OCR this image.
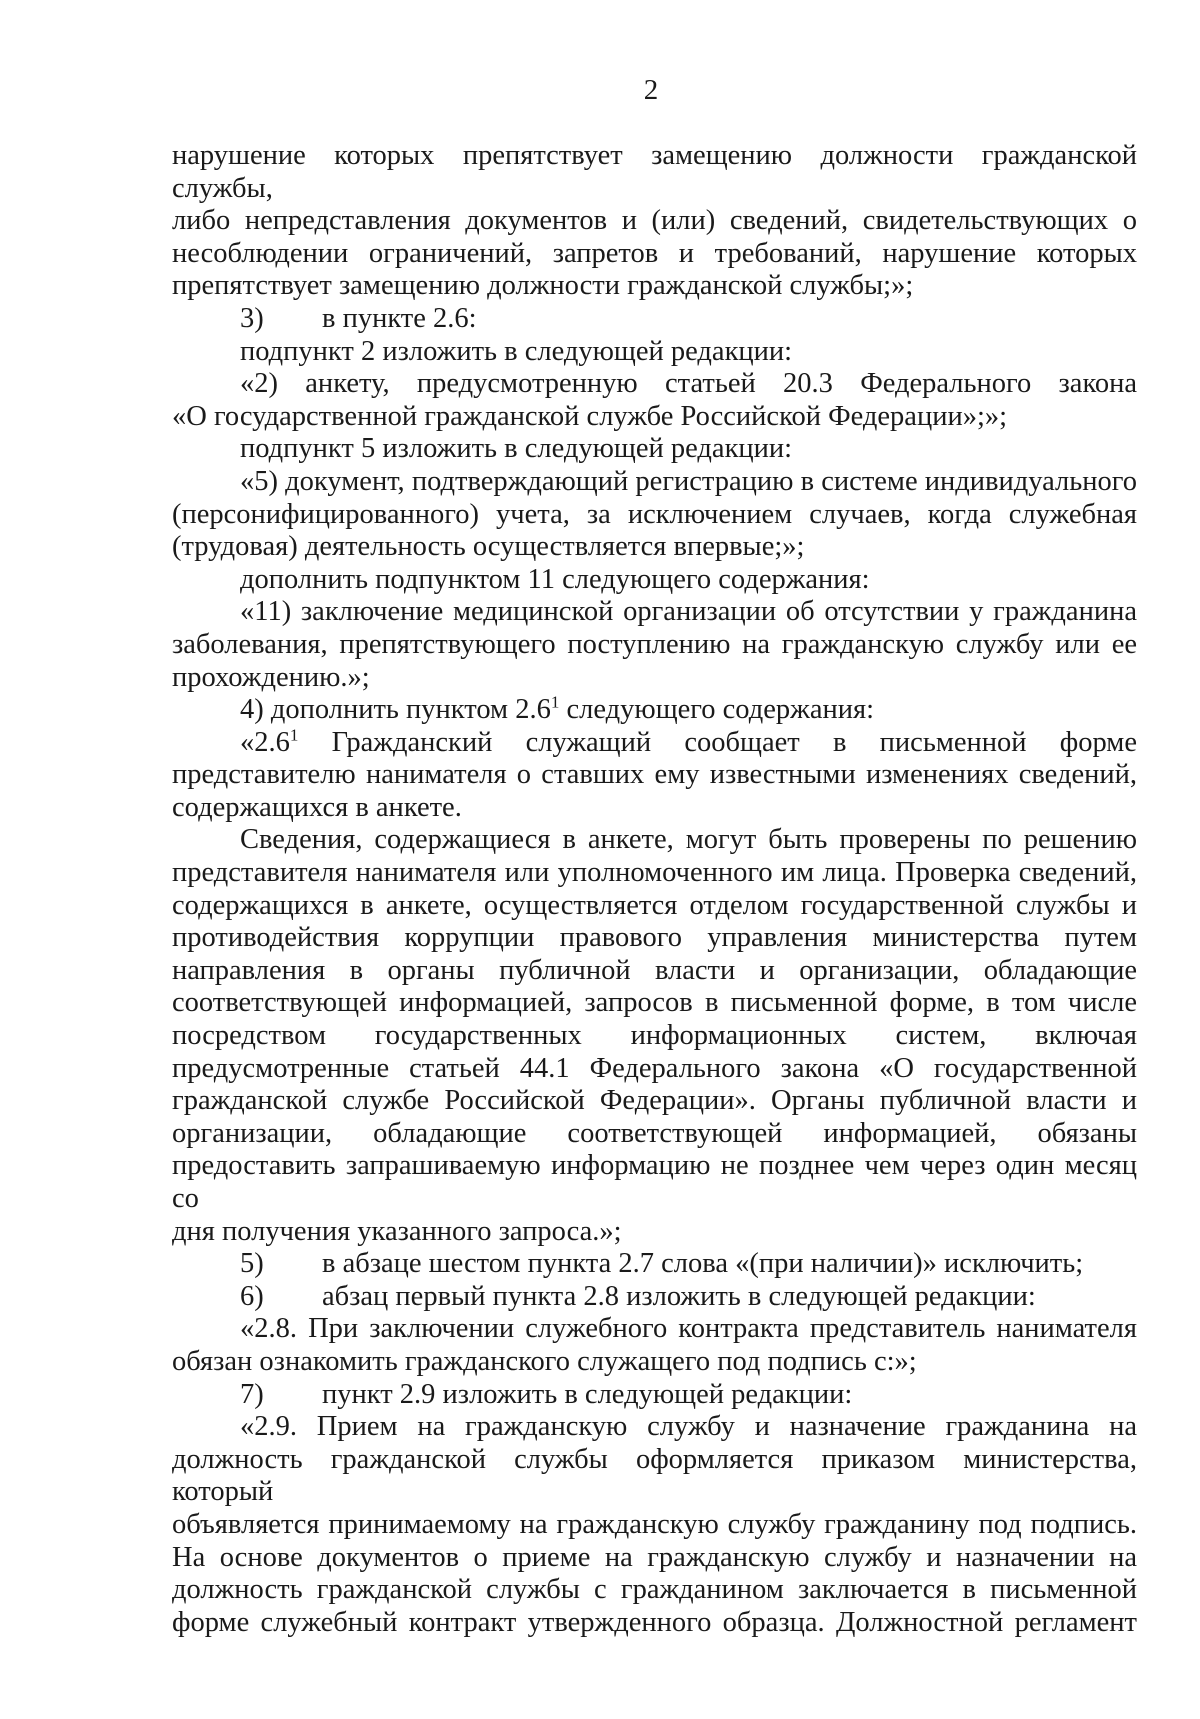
2

нарушение которых препятствует замещению должности гражданской службы,

либо непредставления документов и (или) сведений, свидетельствующих о

несоблюдении ограничений, запретов и требований, нарушение которых

препятствует замещению должности гражданской службы;»;

3)	в пункте 2.6:

подпункт 2 изложить в следующей редакции:

«2) анкету, предусмотренную статьей 20.3 Федерального закона

«О государственной гражданской службе Российской Федерации»;»;

подпункт 5 изложить в следующей редакции:

«5) документ, подтверждающий регистрацию в системе индивидуального

(персонифицированного) учета, за исключением случаев, когда служебная

(трудовая) деятельность осуществляется впервые;»;

дополнить подпунктом 11 следующего содержания:

«11) заключение медицинской организации об отсутствии у гражданина

заболевания, препятствующего поступлению на гражданскую службу или ее

прохождению.»;

4) дополнить пунктом $2.6^1$ следующего содержания:

«$2.6^1$ Гражданский служащий сообщает в письменной форме

представителю нанимателя о ставших ему известными изменениях сведений,

содержащихся в анкете.

Сведения, содержащиеся в анкете, могут быть проверены по решению

представителя нанимателя или уполномоченного им лица. Проверка сведений,

содержащихся в анкете, осуществляется отделом государственной службы и

противодействия коррупции правового управления министерства путем

направления в органы публичной власти и организации, обладающие

соответствующей информацией, запросов в письменной форме, в том числе

посредством государственных информационных систем, включая

предусмотренные статьей 44.1 Федерального закона «О государственной

гражданской службе Российской Федерации». Органы публичной власти и

организации, обладающие соответствующей информацией, обязаны

предоставить запрашиваемую информацию не позднее чем через один месяц со

дня получения указанного запроса.»;

5)	в абзаце шестом пункта 2.7 слова «(при наличии)» исключить;
6)	абзац первый пункта 2.8 изложить в следующей редакции:

«2.8. При заключении служебного контракта представитель нанимателя

обязан ознакомить гражданского служащего под подпись с:»;

7)	пункт 2.9 изложить в следующей редакции:

«2.9. Прием на гражданскую службу и назначение гражданина на

должность гражданской службы оформляется приказом министерства, который

объявляется принимаемому на гражданскую службу гражданину под подпись.

На основе документов о приеме на гражданскую службу и назначении на

должность гражданской службы с гражданином заключается в письменной

форме служебный контракт утвержденного образца. Должностной регламент
